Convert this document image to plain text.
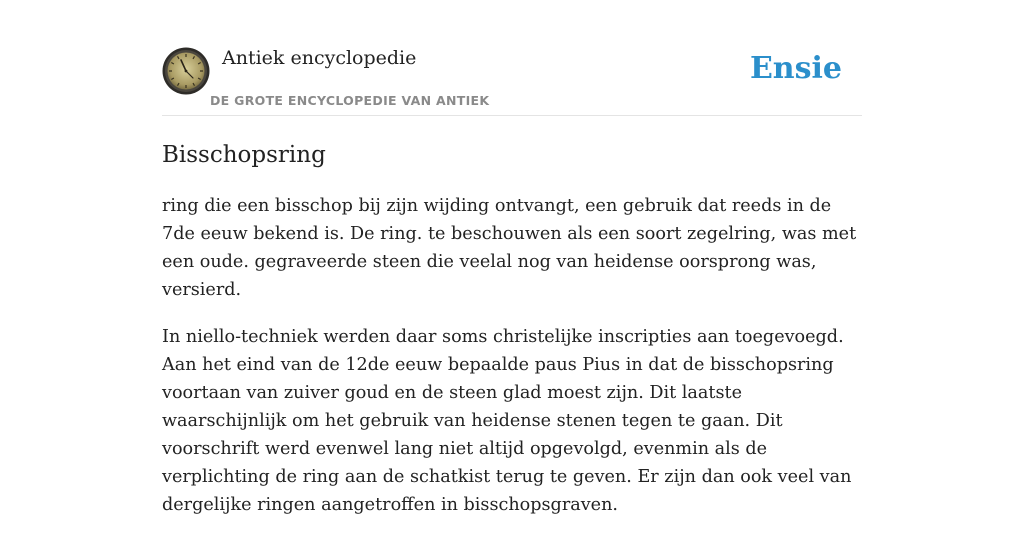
Antiek encyclopedie
DE GROTE ENCYCLOPEDIE VAN ANTIEK
Ensie
Bisschopsring

ring die een bisschop bij zijn wijding ontvangt, een gebruik dat reeds in de 7de eeuw bekend is. De ring. te beschouwen als een soort zegelring, was met een oude. gegraveerde steen die veelal nog van heidense oorsprong was, versierd.

In niello-techniek werden daar soms christelijke inscripties aan toegevoegd. Aan het eind van de 12de eeuw bepaalde paus Pius in dat de bisschopsring voortaan van zuiver goud en de steen glad moest zijn. Dit laatste waarschijnlijk om het gebruik van heidense stenen tegen te gaan. Dit voorschrift werd evenwel lang niet altijd opgevolgd, evenmin als de verplichting de ring aan de schatkist terug te geven. Er zijn dan ook veel van dergelijke ringen aangetroffen in bisschopsgraven.
